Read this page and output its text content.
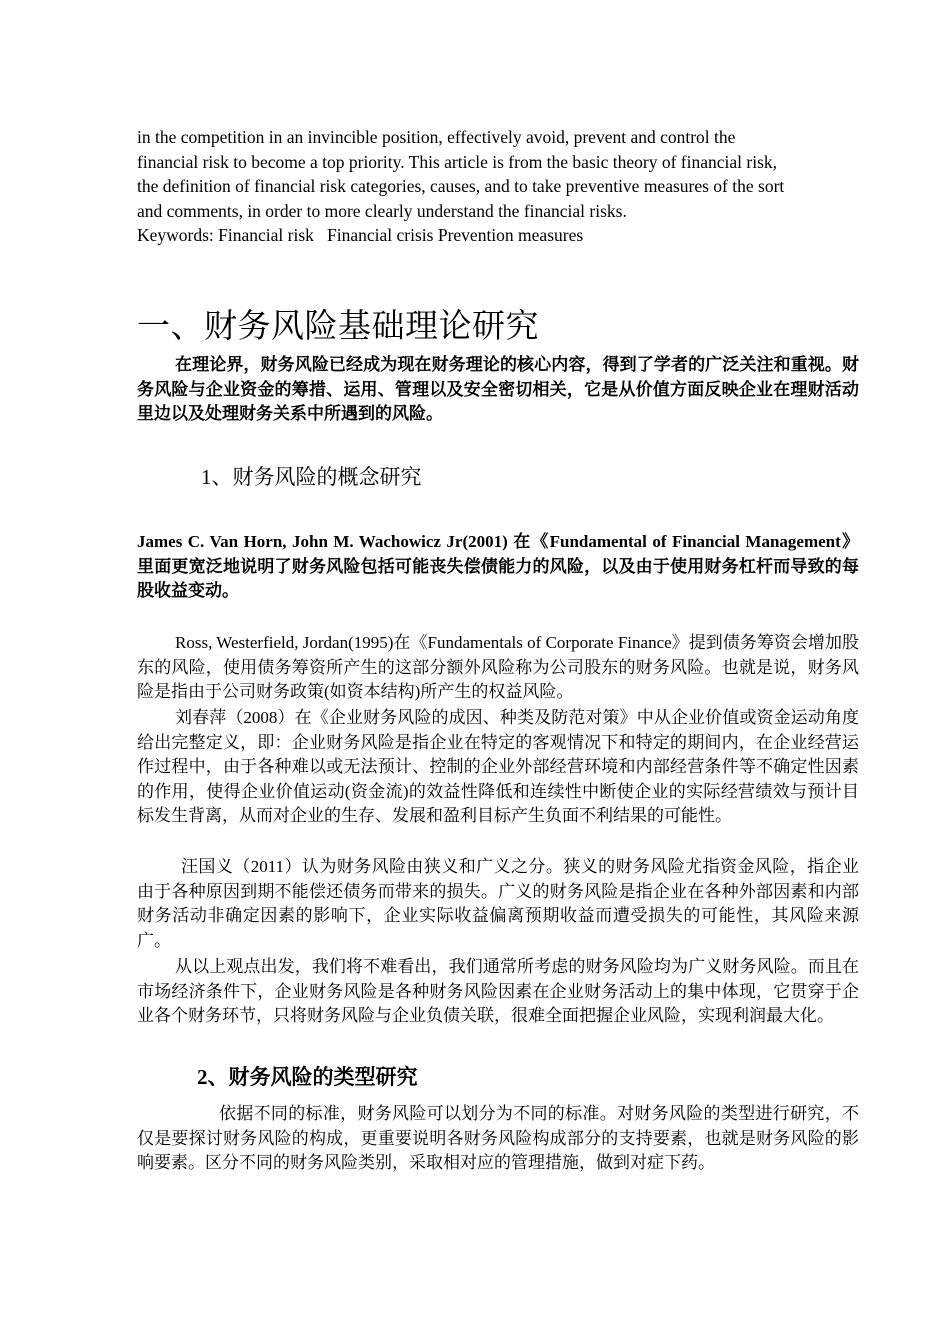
in the competition in an invincible position, effectively avoid, prevent and control the
financial risk to become a top priority. This article is from the basic theory of financial risk,
the definition of financial risk categories, causes, and to take preventive measures of the sort
and comments, in order to more clearly understand the financial risks.
Keywords: Financial risk   Financial crisis Prevention measures
一、财务风险基础理论研究
在理论界，财务风险已经成为现在财务理论的核心内容，得到了学者的广泛关注和重视。财务风险与企业资金的筹措、运用、管理以及安全密切相关，它是从价值方面反映企业在理财活动里边以及处理财务关系中所遇到的风险。
1、财务风险的概念研究
James C. Van Horn, John M. Wachowicz Jr(2001) 在《Fundamental of Financial Management》里面更宽泛地说明了财务风险包括可能丧失偿债能力的风险，以及由于使用财务杠杆而导致的每股收益变动。
Ross, Westerfield, Jordan(1995)在《Fundamentals of Corporate Finance》提到债务筹资会增加股东的风险，使用债务筹资所产生的这部分额外风险称为公司股东的财务风险。也就是说，财务风险是指由于公司财务政策(如资本结构)所产生的权益风险。
刘春萍（2008）在《企业财务风险的成因、种类及防范对策》中从企业价值或资金运动角度给出完整定义，即：企业财务风险是指企业在特定的客观情况下和特定的期间内，在企业经营运作过程中，由于各种难以或无法预计、控制的企业外部经营环境和内部经营条件等不确定性因素的作用，使得企业价值运动(资金流)的效益性降低和连续性中断使企业的实际经营绩效与预计目标发生背离，从而对企业的生存、发展和盈利目标产生负面不利结果的可能性。
汪国义（2011）认为财务风险由狭义和广义之分。狭义的财务风险尤指资金风险，指企业由于各种原因到期不能偿还债务而带来的损失。广义的财务风险是指企业在各种外部因素和内部财务活动非确定因素的影响下，企业实际收益偏离预期收益而遭受损失的可能性，其风险来源广。
从以上观点出发，我们将不难看出，我们通常所考虑的财务风险均为广义财务风险。而且在市场经济条件下，企业财务风险是各种财务风险因素在企业财务活动上的集中体现，它贯穿于企业各个财务环节，只将财务风险与企业负债关联，很难全面把握企业风险，实现利润最大化。
2、财务风险的类型研究
依据不同的标准，财务风险可以划分为不同的标准。对财务风险的类型进行研究，不仅是要探讨财务风险的构成，更重要说明各财务风险构成部分的支持要素，也就是财务风险的影响要素。区分不同的财务风险类别，采取相对应的管理措施，做到对症下药。
